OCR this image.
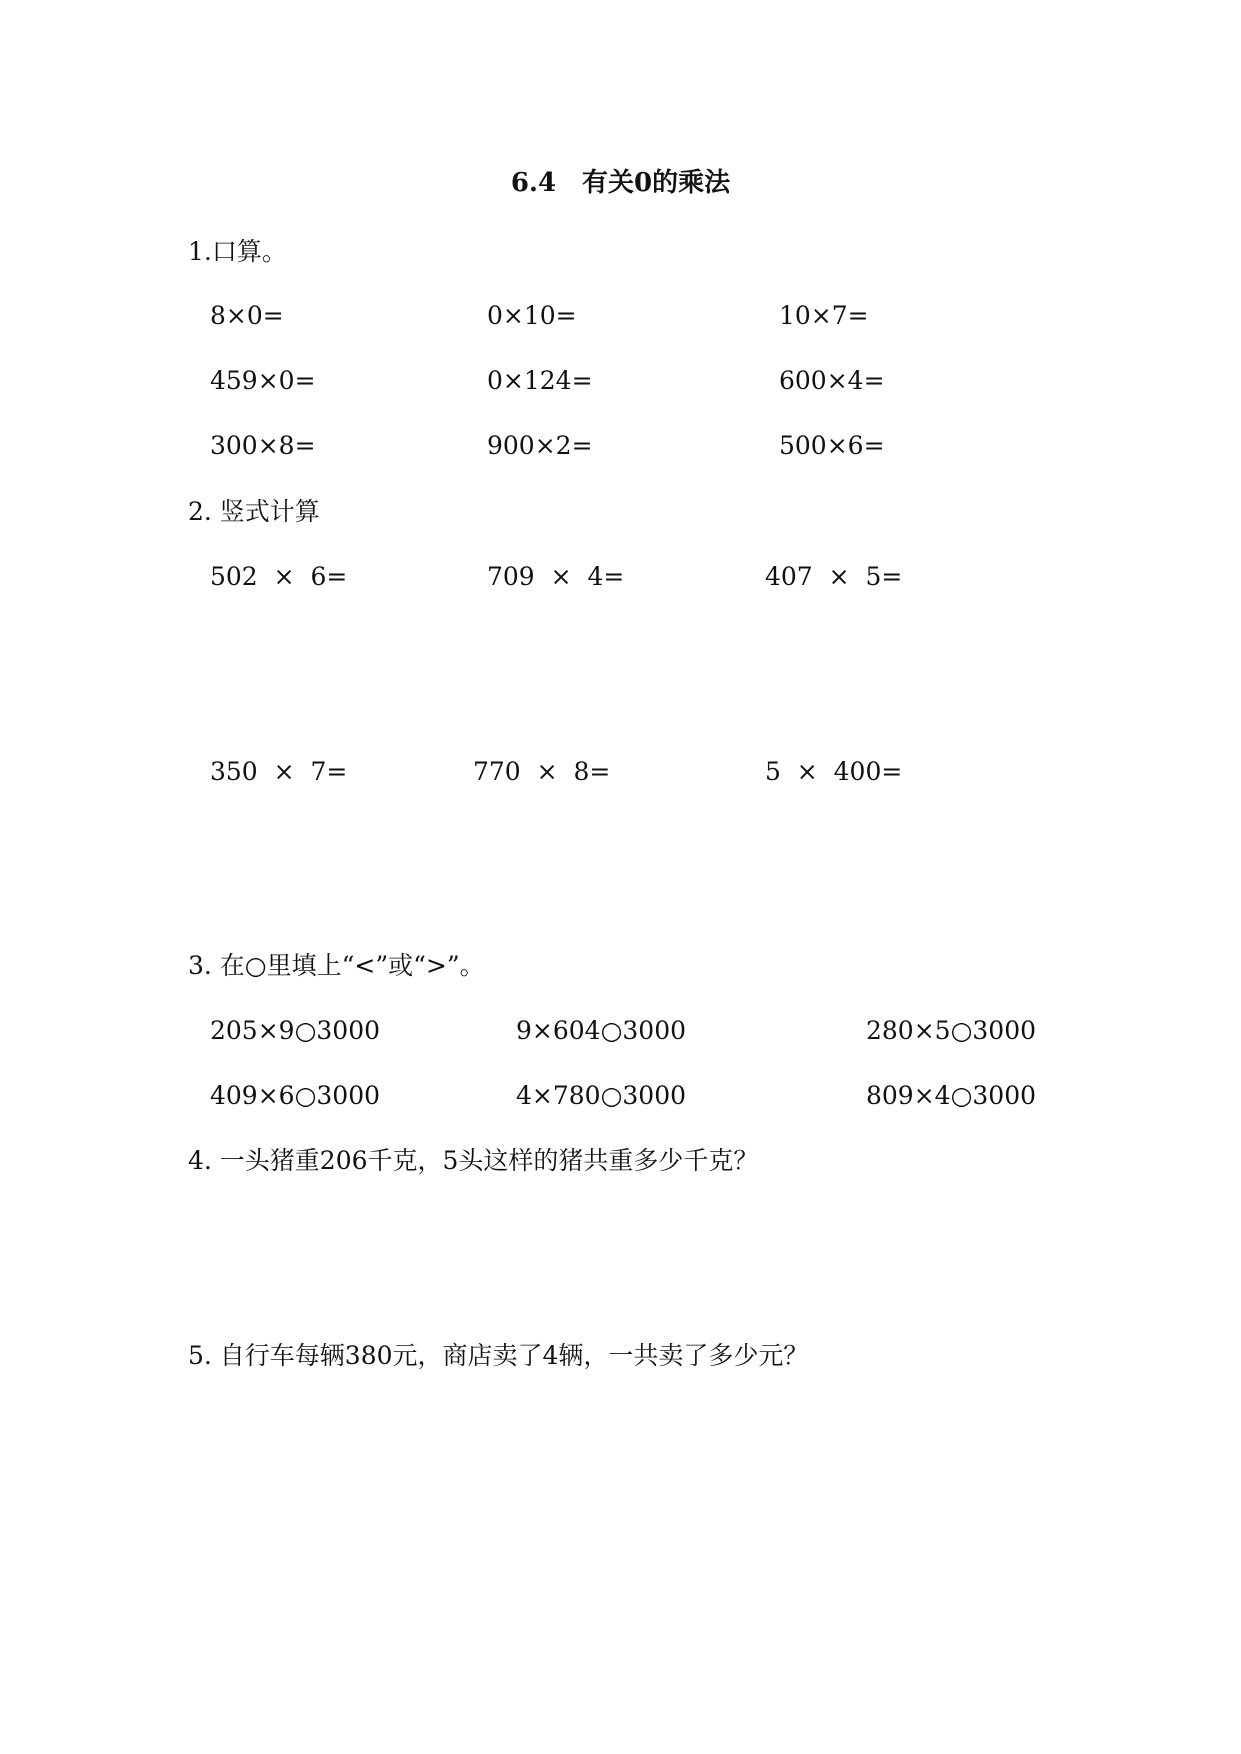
6.4　有关0的乘法
1.口算。
8×0=	0×10=	10×7=
459×0=	0×124=	600×4=
300×8=	900×2=	500×6=
2. 竖式计算
502  ×  6=	709  ×  4=	407  ×  5=
350  ×  7=	770  ×  8=	5  ×  400=
3. 在○里填上“<”或“>”。
205×9○3000	9×604○3000	280×5○3000
409×6○3000	4×780○3000	809×4○3000
4. 一头猪重206千克，5头这样的猪共重多少千克？
5. 自行车每辆380元，商店卖了4辆，一共卖了多少元？
